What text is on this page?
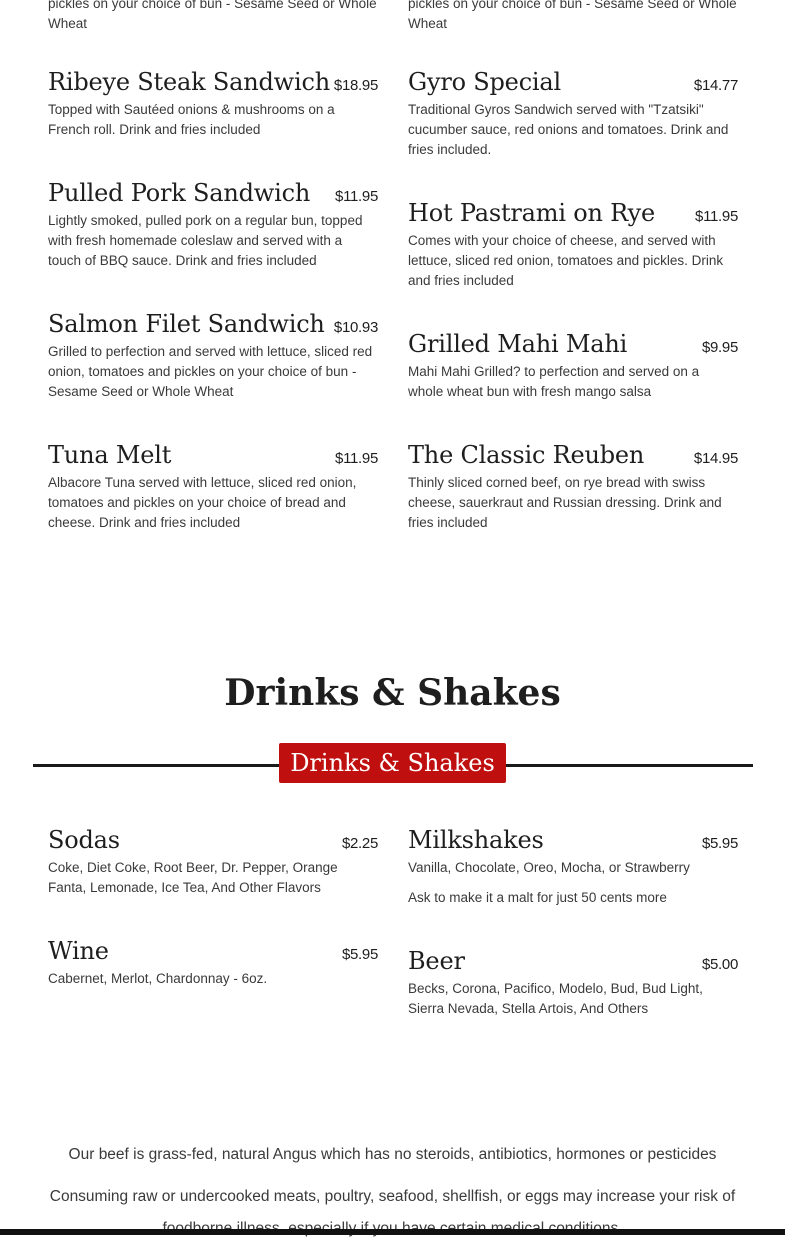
pickles on your choice of bun - Sesame Seed or Whole Wheat

pickles on your choice of bun - Sesame Seed or Whole Wheat

Ribeye Steak Sandwich $18.95

Topped with Sautéed onions & mushrooms on a French roll. Drink and fries included

Pulled Pork Sandwich $11.95

Lightly smoked, pulled pork on a regular bun, topped with fresh homemade coleslaw and served with a touch of BBQ sauce. Drink and fries included

Salmon Filet Sandwich $10.93

Grilled to perfection and served with lettuce, sliced red onion, tomatoes and pickles on your choice of bun - Sesame Seed or Whole Wheat

Tuna Melt	$11.95

Albacore Tuna served with lettuce, sliced red onion, tomatoes and pickles on your choice of bread and cheese. Drink and fries included

Gyro Special	$14.77

Traditional Gyros Sandwich served with "Tzatsiki" cucumber sauce, red onions and tomatoes. Drink and fries included.

Hot Pastrami on Rye	$11.95

Comes with your choice of cheese, and served with lettuce, sliced red onion, tomatoes and pickles. Drink and fries included

Grilled Mahi Mahi	$9.95

Mahi Mahi Grilled? to perfection and served on a whole wheat bun with fresh mango salsa

The Classic Reuben	$14.95

Thinly sliced corned beef, on rye bread with swiss cheese, sauerkraut and Russian dressing. Drink and fries included

Drinks & Shakes
Drinks & Shakes
Sodas	$2.25

Coke, Diet Coke, Root Beer, Dr. Pepper, Orange Fanta, Lemonade, Ice Tea, And Other Flavors

Wine	$5.95

Cabernet, Merlot, Chardonnay - 6oz.

Milkshakes	$5.95

Vanilla, Chocolate, Oreo, Mocha, or Strawberry

Ask to make it a malt for just 50 cents more

Beer	$5.00

Becks, Corona, Pacifico, Modelo, Bud, Bud Light, Sierra Nevada, Stella Artois, And Others

Our beef is grass-fed, natural Angus which has no steroids, antibiotics, hormones or pesticides

Consuming raw or undercooked meats, poultry, seafood, shellfish, or eggs may increase your risk of
